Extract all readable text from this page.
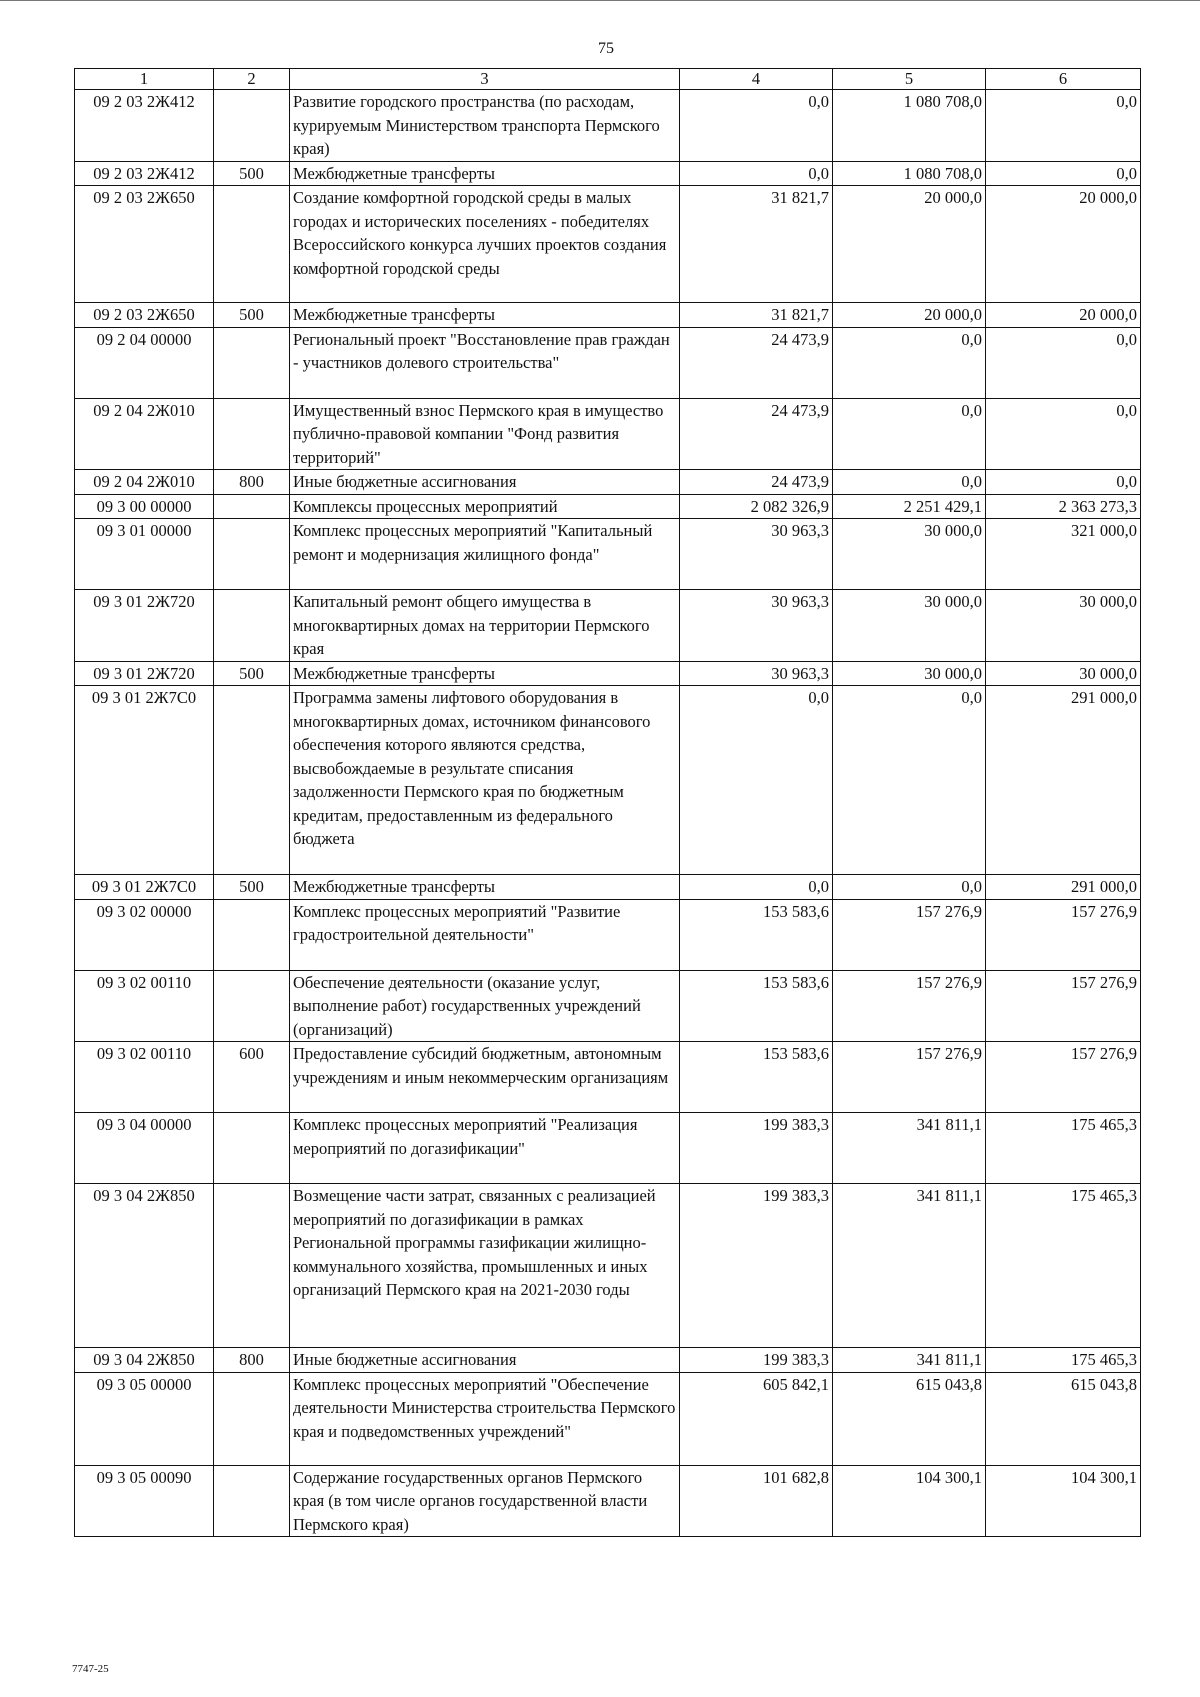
75
1	2	3	4	5	6
09 2 03 2Ж412		Развитие городского пространства (по расходам, курируемым Министерством транспорта Пермского края)	0,0	1 080 708,0	0,0
09 2 03 2Ж412	500	Межбюджетные трансферты	0,0	1 080 708,0	0,0
09 2 03 2Ж650		Создание комфортной городской среды в малых городах и исторических поселениях - победителях Всероссийского конкурса лучших проектов создания комфортной городской среды	31 821,7	20 000,0	20 000,0
09 2 03 2Ж650	500	Межбюджетные трансферты	31 821,7	20 000,0	20 000,0
09 2 04 00000		Региональный проект "Восстановление прав граждан - участников долевого строительства"	24 473,9	0,0	0,0
09 2 04 2Ж010		Имущественный взнос Пермского края в имущество публично-правовой компании "Фонд развития территорий"	24 473,9	0,0	0,0
09 2 04 2Ж010	800	Иные бюджетные ассигнования	24 473,9	0,0	0,0
09 3 00 00000		Комплексы процессных мероприятий	2 082 326,9	2 251 429,1	2 363 273,3
09 3 01 00000		Комплекс процессных мероприятий "Капитальный ремонт и модернизация жилищного фонда"	30 963,3	30 000,0	321 000,0
09 3 01 2Ж720		Капитальный ремонт общего имущества в многоквартирных домах на территории Пермского края	30 963,3	30 000,0	30 000,0
09 3 01 2Ж720	500	Межбюджетные трансферты	30 963,3	30 000,0	30 000,0
09 3 01 2Ж7С0		Программа замены лифтового оборудования в многоквартирных домах, источником финансового обеспечения которого являются средства, высвобождаемые в результате списания задолженности Пермского края по бюджетным кредитам, предоставленным из федерального бюджета	0,0	0,0	291 000,0
09 3 01 2Ж7С0	500	Межбюджетные трансферты	0,0	0,0	291 000,0
09 3 02 00000		Комплекс процессных мероприятий "Развитие градостроительной деятельности"	153 583,6	157 276,9	157 276,9
09 3 02 00110		Обеспечение деятельности (оказание услуг, выполнение работ) государственных учреждений (организаций)	153 583,6	157 276,9	157 276,9
09 3 02 00110	600	Предоставление субсидий бюджетным, автономным учреждениям и иным некоммерческим организациям	153 583,6	157 276,9	157 276,9
09 3 04 00000		Комплекс процессных мероприятий "Реализация мероприятий по догазификации"	199 383,3	341 811,1	175 465,3
09 3 04 2Ж850		Возмещение части затрат, связанных с реализацией мероприятий по догазификации в рамках Региональной программы газификации жилищно-коммунального хозяйства, промышленных и иных организаций Пермского края на 2021-2030 годы	199 383,3	341 811,1	175 465,3
09 3 04 2Ж850	800	Иные бюджетные ассигнования	199 383,3	341 811,1	175 465,3
09 3 05 00000		Комплекс процессных мероприятий "Обеспечение деятельности Министерства строительства Пермского края и подведомственных учреждений"	605 842,1	615 043,8	615 043,8
09 3 05 00090		Содержание государственных органов Пермского края (в том числе органов государственной власти Пермского края)	101 682,8	104 300,1	104 300,1
7747-25
